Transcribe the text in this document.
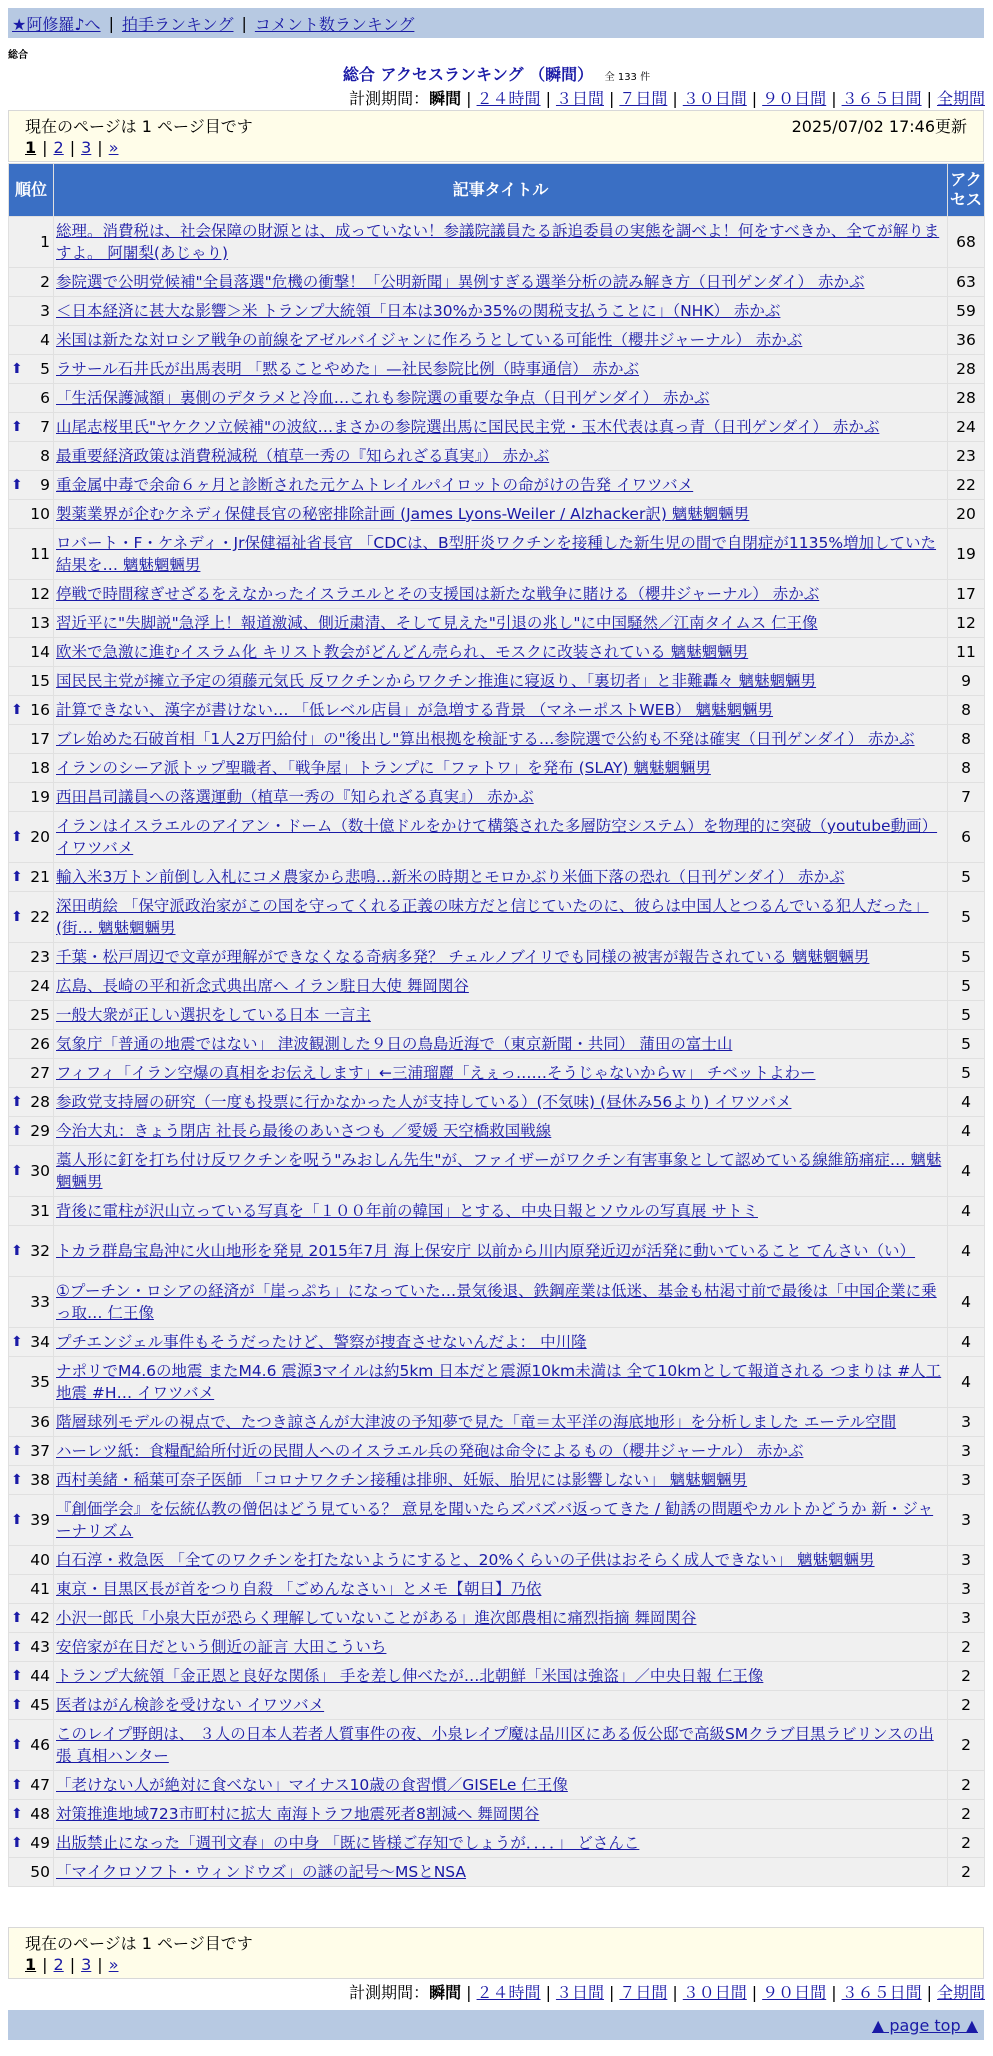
★阿修羅♪へ | 拍手ランキング | コメント数ランキング
総合
総合 アクセスランキング （瞬間） 全 133 件
計測期間：瞬間 | ２４時間 | ３日間 | ７日間 | ３０日間 | ９０日間 | ３６５日間 | 全期間
現在のページは 1 ページ目です	2025/07/02 17:46更新
1 | 2 | 3 | »
順位	記事タイトル	アクセス
1	総理。消費税は、社会保障の財源とは、成っていない！参議院議員たる訴追委員の実態を調べよ！何をすべきか、全てが解りますよ。 阿闍梨(あじゃり)	68
2	参院選で公明党候補"全員落選"危機の衝撃！「公明新聞」異例すぎる選挙分析の読み解き方（日刊ゲンダイ） 赤かぶ	63
3	＜日本経済に甚大な影響＞米 トランプ大統領「日本は30%か35%の関税支払うことに」（NHK） 赤かぶ	59
4	米国は新たな対ロシア戦争の前線をアゼルバイジャンに作ろうとしている可能性（櫻井ジャーナル） 赤かぶ	36

⬆ 5	ラサール石井氏が出馬表明 「黙ることやめた」—社民参院比例（時事通信） 赤かぶ	28
6	「生活保護減額」裏側のデタラメと冷血…これも参院選の重要な争点（日刊ゲンダイ） 赤かぶ	28

⬆ 7	山尾志桜里氏"ヤケクソ立候補"の波紋…まさかの参院選出馬に国民民主党・玉木代表は真っ青（日刊ゲンダイ） 赤かぶ	24
8	最重要経済政策は消費税減税（植草一秀の『知られざる真実』） 赤かぶ	23

⬆ 9	重金属中毒で余命６ヶ月と診断された元ケムトレイルパイロットの命がけの告発 イワツバメ	22
10	製薬業界が企むケネディ保健長官の秘密排除計画 (James Lyons-Weiler / Alzhacker訳) 魑魅魍魎男	20
11	ロバート・F・ケネディ・Jr保健福祉省長官 「CDCは、B型肝炎ワクチンを接種した新生児の間で自閉症が1135%増加していた結果を… 魑魅魍魎男	19
12	停戦で時間稼ぎせざるをえなかったイスラエルとその支援国は新たな戦争に賭ける（櫻井ジャーナル） 赤かぶ	17
13	習近平に"失脚説"急浮上！報道激減、側近粛清、そして見えた"引退の兆し"に中国騒然／江南タイムス 仁王像	12
14	欧米で急激に進むイスラム化 キリスト教会がどんどん売られ、モスクに改装されている 魑魅魍魎男	11
15	国民民主党が擁立予定の須藤元気氏 反ワクチンからワクチン推進に寝返り、「裏切者」と非難轟々 魑魅魍魎男	9

⬆ 16	計算できない、漢字が書けない… 「低レベル店員」が急増する背景 （マネーポストWEB） 魑魅魍魎男	8
17	ブレ始めた石破首相「1人2万円給付」の"後出し"算出根拠を検証する…参院選で公約も不発は確実（日刊ゲンダイ） 赤かぶ	8
18	イランのシーア派トップ聖職者、「戦争屋」トランプに「ファトワ」を発布 (SLAY) 魑魅魍魎男	8
19	西田昌司議員への落選運動（植草一秀の『知られざる真実』） 赤かぶ	7

⬆ 20	イランはイスラエルのアイアン・ドーム（数十億ドルをかけて構築された多層防空システム）を物理的に突破（youtube動画） イワツバメ	6

⬆ 21	輸入米3万トン前倒し入札にコメ農家から悲鳴…新米の時期とモロかぶり米価下落の恐れ（日刊ゲンダイ） 赤かぶ	5

⬆ 22	深田萌絵 「保守派政治家がこの国を守ってくれる正義の味方だと信じていたのに、彼らは中国人とつるんでいる犯人だった」(街… 魑魅魍魎男	5
23	千葉・松戸周辺で文章が理解ができなくなる奇病多発？ チェルノブイリでも同様の被害が報告されている 魑魅魍魎男	5
24	広島、長崎の平和祈念式典出席へ イラン駐日大使 舞岡関谷	5
25	一般大衆が正しい選択をしている日本 一言主	5
26	気象庁「普通の地震ではない」 津波観測した９日の鳥島近海で（東京新聞・共同） 蒲田の富士山	5
27	フィフィ「イラン空爆の真相をお伝えします」←三浦瑠麗「えぇっ……そうじゃないからｗ」 チベットよわー	5

⬆ 28	参政党支持層の研究（一度も投票に行かなかった人が支持している）(不気味) (昼休み56より) イワツバメ	4

⬆ 29	今治大丸：きょう閉店 社長ら最後のあいさつも ／愛媛 天空橋救国戦線	4

⬆ 30	藁人形に釘を打ち付け反ワクチンを呪う"みおしん先生"が、ファイザーがワクチン有害事象として認めている線維筋痛症… 魑魅魍魎男	4
31	背後に電柱が沢山立っている写真を「１００年前の韓国」とする、中央日報とソウルの写真展 サトミ	4

⬆ 32	トカラ群島宝島沖に火山地形を発見 2015年7月 海上保安庁 以前から川内原発近辺が活発に動いていること てんさい（い）	4
33	①プーチン・ロシアの経済が「崖っぷち」になっていた…景気後退、鉄鋼産業は低迷、基金も枯渇寸前で最後は「中国企業に乗っ取… 仁王像	4

⬆ 34	プチエンジェル事件もそうだったけど、警察が捜査させないんだよ： 中川隆	4
35	ナポリでM4.6の地震 またM4.6 震源3マイルは約5km 日本だと震源10km未満は 全て10kmとして報道される つまりは #人工地震 #H… イワツバメ	4
36	階層球列モデルの視点で、たつき諒さんが大津波の予知夢で見た「竜＝太平洋の海底地形」を分析しました エーテル空間	3

⬆ 37	ハーレツ紙：食糧配給所付近の民間人へのイスラエル兵の発砲は命令によるもの（櫻井ジャーナル） 赤かぶ	3

⬆ 38	西村美緒・稲葉可奈子医師 「コロナワクチン接種は排卵、妊娠、胎児には影響しない」 魑魅魍魎男	3

⬆ 39	『創価学会』を伝統仏教の僧侶はどう見ている？ 意見を聞いたらズバズバ返ってきた / 勧誘の問題やカルトかどうか 新・ジャーナリズム	3
40	白石淳・救急医 「全てのワクチンを打たないようにすると、20%くらいの子供はおそらく成人できない」 魑魅魍魎男	3
41	東京・目黒区長が首をつり自殺 「ごめんなさい」とメモ【朝日】乃依	3

⬆ 42	小沢一郎氏「小泉大臣が恐らく理解していないことがある」進次郎農相に痛烈指摘 舞岡関谷	3

⬆ 43	安倍家が在日だという側近の証言 大田こういち	2

⬆ 44	トランプ大統領「金正恩と良好な関係」 手を差し伸べたが…北朝鮮「米国は強盗」／中央日報 仁王像	2

⬆ 45	医者はがん検診を受けない イワツバメ	2

⬆ 46	このレイプ野朗は、 ３人の日本人若者人質事件の夜、小泉レイプ魔は品川区にある仮公邸で高級SMクラブ目黒ラビリンスの出張 真相ハンター	2

⬆ 47	「老けない人が絶対に食べない」マイナス10歳の食習慣／GISELe 仁王像	2

⬆ 48	対策推進地域723市町村に拡大 南海トラフ地震死者8割減へ 舞岡関谷	2

⬆ 49	出版禁止になった「週刊文春」の中身 「既に皆様ご存知でしょうが．．．．」 どさんこ	2
50	「マイクロソフト・ウィンドウズ」の謎の記号～MSとNSA	2
現在のページは 1 ページ目です
1 | 2 | 3 | »
計測期間：瞬間 | ２４時間 | ３日間 | ７日間 | ３０日間 | ９０日間 | ３６５日間 | 全期間
▲ page top ▲
